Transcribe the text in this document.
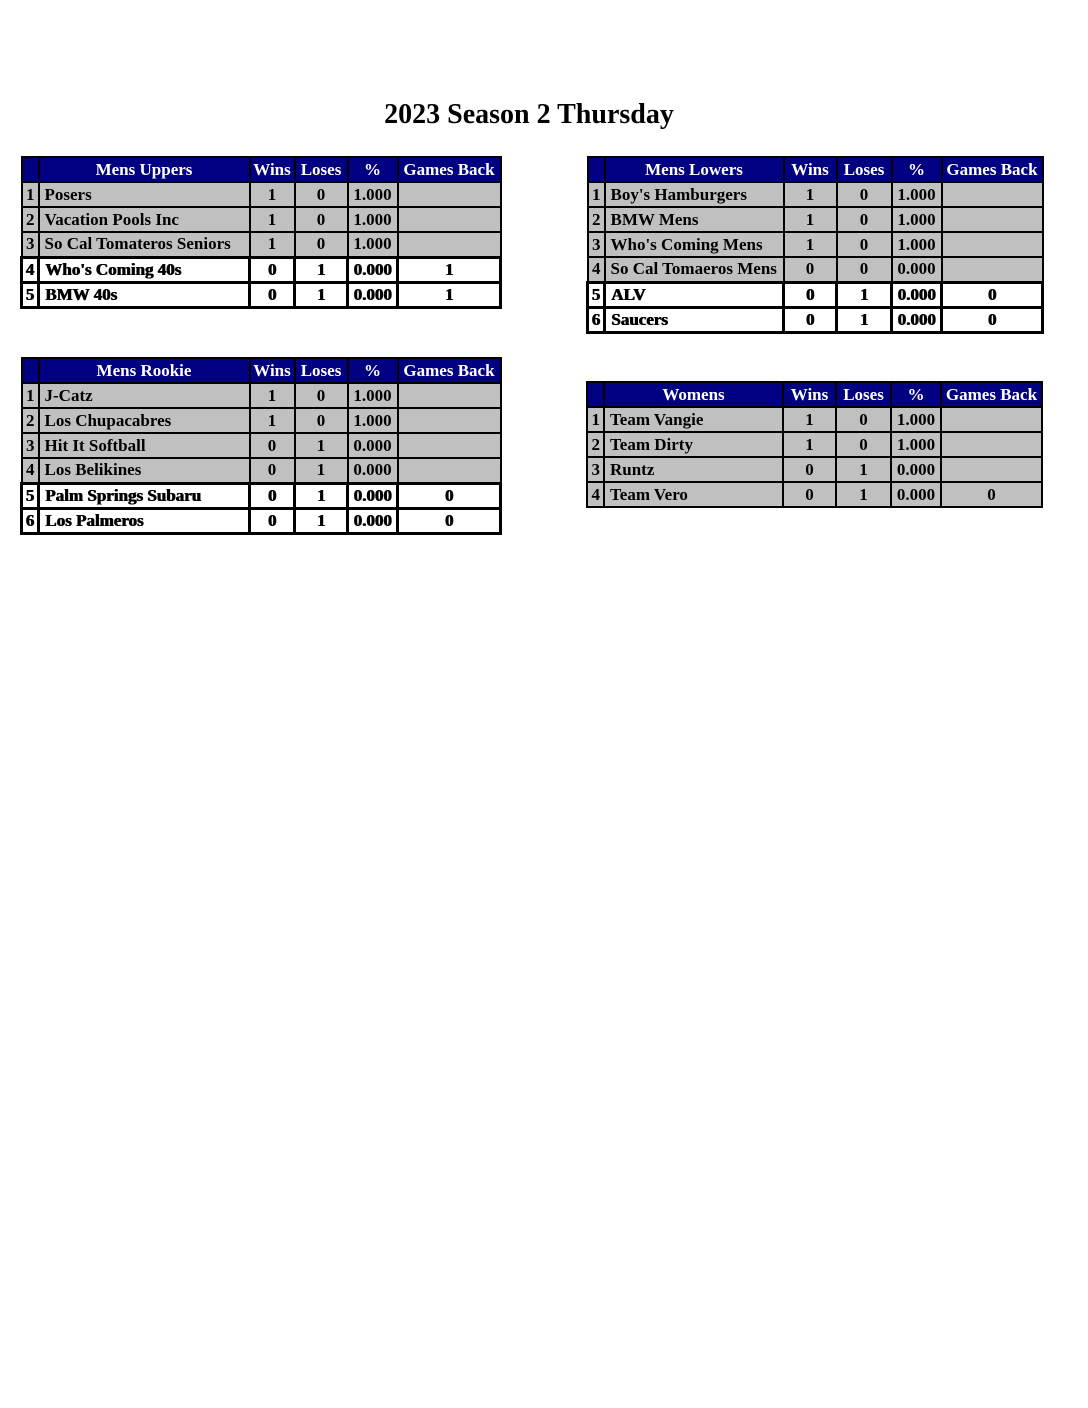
2023 Season 2 Thursday
	Mens Uppers	Wins	Loses	%	Games Back
1	Posers	1	0	1.000	
2	Vacation Pools Inc	1	0	1.000	
3	So Cal Tomateros Seniors	1	0	1.000	
4	Who's Coming 40s	0	1	0.000	1
5	BMW 40s	0	1	0.000	1
	Mens Lowers	Wins	Loses	%	Games Back
1	Boy's Hamburgers	1	0	1.000	
2	BMW Mens	1	0	1.000	
3	Who's Coming Mens	1	0	1.000	
4	So Cal Tomaeros Mens	0	0	0.000	
5	ALV	0	1	0.000	0
6	Saucers	0	1	0.000	0
	Mens Rookie	Wins	Loses	%	Games Back
1	J-Catz	1	0	1.000	
2	Los Chupacabres	1	0	1.000	
3	Hit It Softball	0	1	0.000	
4	Los Belikines	0	1	0.000	
5	Palm Springs Subaru	0	1	0.000	0
6	Los Palmeros	0	1	0.000	0
	Womens	Wins	Loses	%	Games Back
1	Team Vangie	1	0	1.000	
2	Team Dirty	1	0	1.000	
3	Runtz	0	1	0.000	
4	Team Vero	0	1	0.000	0
